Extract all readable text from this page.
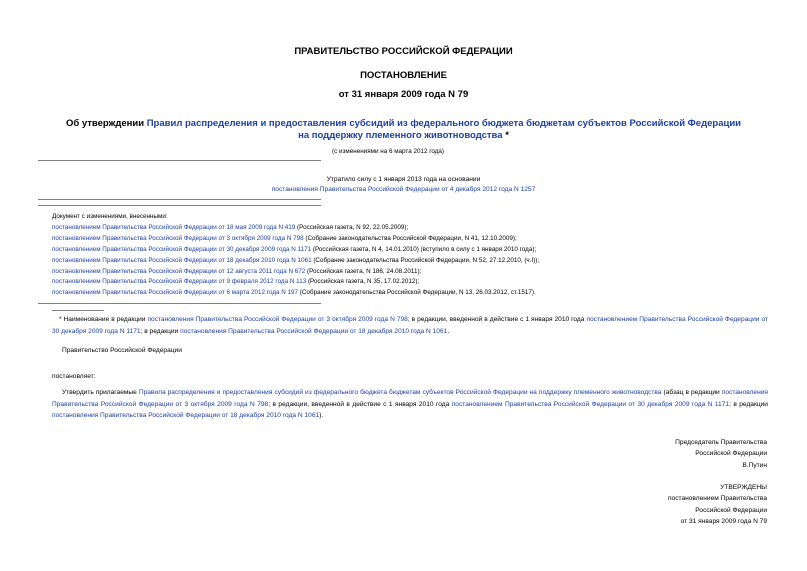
ПРАВИТЕЛЬСТВО РОССИЙСКОЙ ФЕДЕРАЦИИ
ПОСТАНОВЛЕНИЕ
от 31 января 2009 года N 79
Об утверждении Правил распределения и предоставления субсидий из федерального бюджета бюджетам субъектов Российской Федерации на поддержку племенного животноводства *
(с изменениями на 6 марта 2012 года)
Утратило силу с 1 января 2013 года на основании
постановления Правительства Российской Федерации от 4 декабря 2012 года N 1257
Документ с изменениями, внесенными:
постановлением Правительства Российской Федерации от 18 мая 2009 года N 419 (Российская газета, N 92, 22.05.2009);
постановлением Правительства Российской Федерации от 3 октября 2009 года N 798 (Собрание законодательства Российской Федерации, N 41, 12.10.2009);
постановлением Правительства Российской Федерации от 30 декабря 2009 года N 1171 (Российская газета, N 4, 14.01.2010) (вступило в силу с 1 января 2010 года);
постановлением Правительства Российской Федерации от 18 декабря 2010 года N 1061 (Собрание законодательства Российской Федерации, N 52, 27.12.2010, (ч.I));
постановлением Правительства Российской Федерации от 12 августа 2011 года N 672 (Российская газета, N 186, 24.08.2011);
постановлением Правительства Российской Федерации от 9 февраля 2012 года N 113 (Российская газета, N 35, 17.02.2012);
постановлением Правительства Российской Федерации от 6 марта 2012 года N 197 (Собрание законодательства Российской Федерации, N 13, 26.03.2012, ст.1517).
* Наименование в редакции постановления Правительства Российской Федерации от 3 октября 2009 года N 798; в редакции, введенной в действие с 1 января 2010 года постановлением Правительства Российской Федерации от 30 декабря 2009 года N 1171; в редакции постановления Правительства Российской Федерации от 18 декабря 2010 года N 1061.
Правительство Российской Федерации
постановляет:
Утвердить прилагаемые Правила распределения и предоставления субсидий из федерального бюджета бюджетам субъектов Российской Федерации на поддержку племенного животноводства (абзац в редакции постановления Правительства Российской Федерации от 3 октября 2009 года N 798; в редакции, введенной в действие с 1 января 2010 года постановлением Правительства Российской Федерации от 30 декабря 2009 года N 1171; в редакции постановления Правительства Российской Федерации от 18 декабря 2010 года N 1061).
Председатель Правительства
Российской Федерации
В.Путин
УТВЕРЖДЕНЫ
постановлением Правительства
Российской Федерации
от 31 января 2009 года N 79
